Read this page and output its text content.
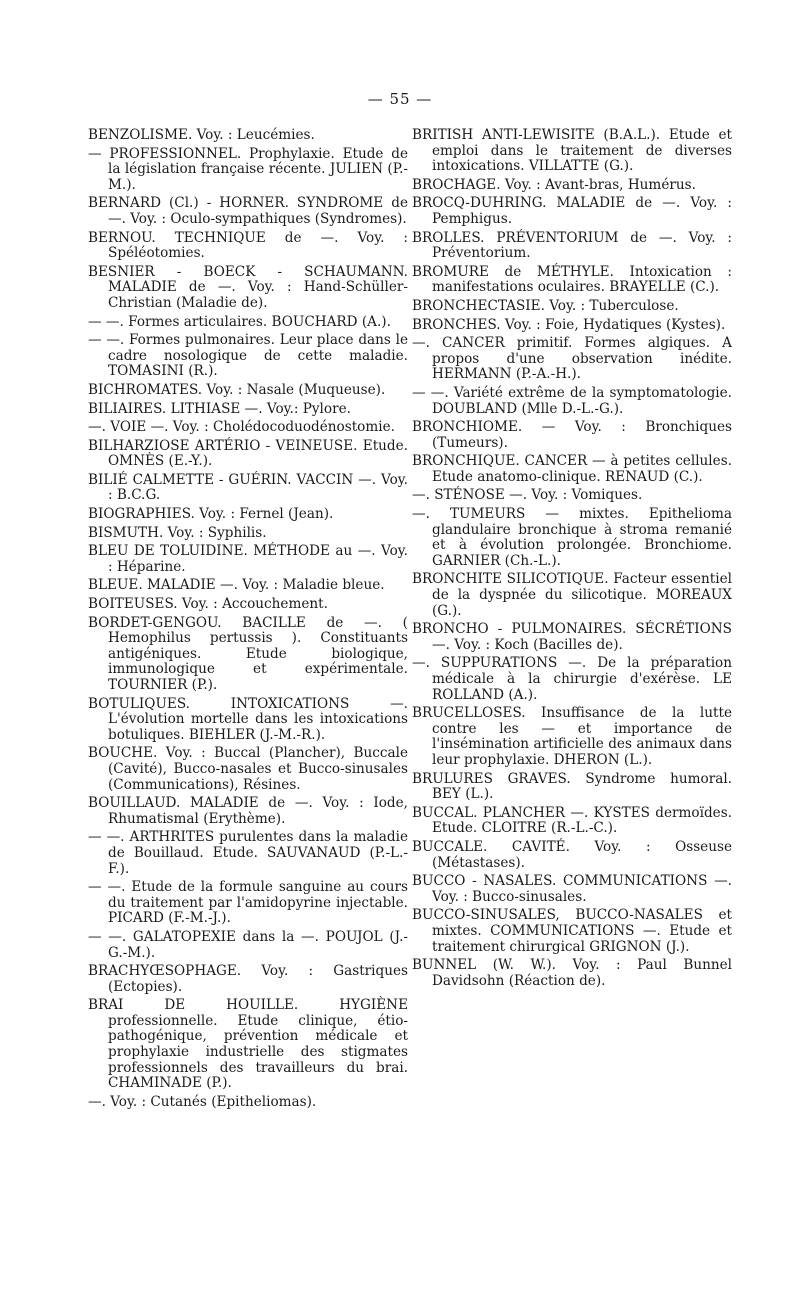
— 55 —

BENZOLISME. Voy. : Leucémies.

— PROFESSIONNEL. Prophylaxie. Etude de la législation française récente. JULIEN (P.-M.).

BERNARD (Cl.) - HORNER. SYNDROME de —. Voy. : Oculo-sympathiques (Syndromes).

BERNOU. TECHNIQUE de —. Voy. : Spéléotomies.

BESNIER - BOECK - SCHAUMANN. MALADIE de —. Voy. : Hand-Schüller-Christian (Maladie de).

— —. Formes articulaires. BOUCHARD (A.).

— —. Formes pulmonaires. Leur place dans le cadre nosologique de cette maladie. TOMASINI (R.).

BICHROMATES. Voy. : Nasale (Muqueuse).

BILIAIRES. LITHIASE —. Voy.: Pylore.

—. VOIE —. Voy. : Cholédocoduodénostomie.

BILHARZIOSE ARTÉRIO - VEINEUSE. Etude. OMNÈS (E.-Y.).

BILIÉ CALMETTE - GUÉRIN. VACCIN —. Voy. : B.C.G.

BIOGRAPHIES. Voy. : Fernel (Jean).

BISMUTH. Voy. : Syphilis.

BLEU DE TOLUIDINE. MÉTHODE au —. Voy. : Héparine.

BLEUE. MALADIE —. Voy. : Maladie bleue.

BOITEUSES. Voy. : Accouchement.

BORDET-GENGOU. BACILLE de —. ( Hemophilus pertussis ). Constituants antigéniques. Etude biologique, immunologique et expérimentale. TOURNIER (P.).

BOTULIQUES. INTOXICATIONS —. L'évolution mortelle dans les intoxications botuliques. BIEHLER (J.-M.-R.).

BOUCHE. Voy. : Buccal (Plancher), Buccale (Cavité), Bucco-nasales et Bucco-sinusales (Communications), Résines.

BOUILLAUD. MALADIE de —. Voy. : Iode, Rhumatismal (Erythème).

— —. ARTHRITES purulentes dans la maladie de Bouillaud. Etude. SAUVANAUD (P.-L.-F.).

— —. Etude de la formule sanguine au cours du traitement par l'amidopyrine injectable. PICARD (F.-M.-J.).

— —. GALATOPEXIE dans la —. POUJOL (J.-G.-M.).

BRACHYŒSOPHAGE. Voy. : Gastriques (Ectopies).

BRAI DE HOUILLE. HYGIÈNE professionnelle. Etude clinique, étio-pathogénique, prévention médicale et prophylaxie industrielle des stigmates professionnels des travailleurs du brai. CHAMINADE (P.).

—. Voy. : Cutanés (Epitheliomas).

BRITISH ANTI-LEWISITE (B.A.L.). Etude et emploi dans le traitement de diverses intoxications. VILLATTE (G.).

BROCHAGE. Voy. : Avant-bras, Humérus.

BROCQ-DUHRING. MALADIE de —. Voy. : Pemphigus.

BROLLES. PRÉVENTORIUM de —. Voy. : Préventorium.

BROMURE de MÉTHYLE. Intoxication : manifestations oculaires. BRAYELLE (C.).

BRONCHECTASIE. Voy. : Tuberculose.

BRONCHES. Voy. : Foie, Hydatiques (Kystes).

—. CANCER primitif. Formes algiques. A propos d'une observation inédite. HERMANN (P.-A.-H.).

— —. Variété extrême de la symptomatologie. DOUBLAND (Mlle D.-L.-G.).

BRONCHIOME. — Voy. : Bronchiques (Tumeurs).

BRONCHIQUE. CANCER — à petites cellules. Etude anatomo-clinique. RENAUD (C.).

—. STÉNOSE —. Voy. : Vomiques.

—. TUMEURS — mixtes. Epithelioma glandulaire bronchique à stroma remanié et à évolution prolongée. Bronchiome. GARNIER (Ch.-L.).

BRONCHITE SILICOTIQUE. Facteur essentiel de la dyspnée du silicotique. MOREAUX (G.).

BRONCHO - PULMONAIRES. SÉCRÉTIONS —. Voy. : Koch (Bacilles de).

—. SUPPURATIONS —. De la préparation médicale à la chirurgie d'exérèse. LE ROLLAND (A.).

BRUCELLOSES. Insuffisance de la lutte contre les — et importance de l'insémination artificielle des animaux dans leur prophylaxie. DHERON (L.).

BRULURES GRAVES. Syndrome humoral. BEY (L.).

BUCCAL. PLANCHER —. KYSTES dermoïdes. Etude. CLOITRE (R.-L.-C.).

BUCCALE. CAVITÉ. Voy. : Osseuse (Métastases).

BUCCO - NASALES. COMMUNICATIONS —. Voy. : Bucco-sinusales.

BUCCO-SINUSALES, BUCCO-NASALES et mixtes. COMMUNICATIONS —. Etude et traitement chirurgical GRIGNON (J.).

BUNNEL (W. W.). Voy. : Paul Bunnel Davidsohn (Réaction de).
